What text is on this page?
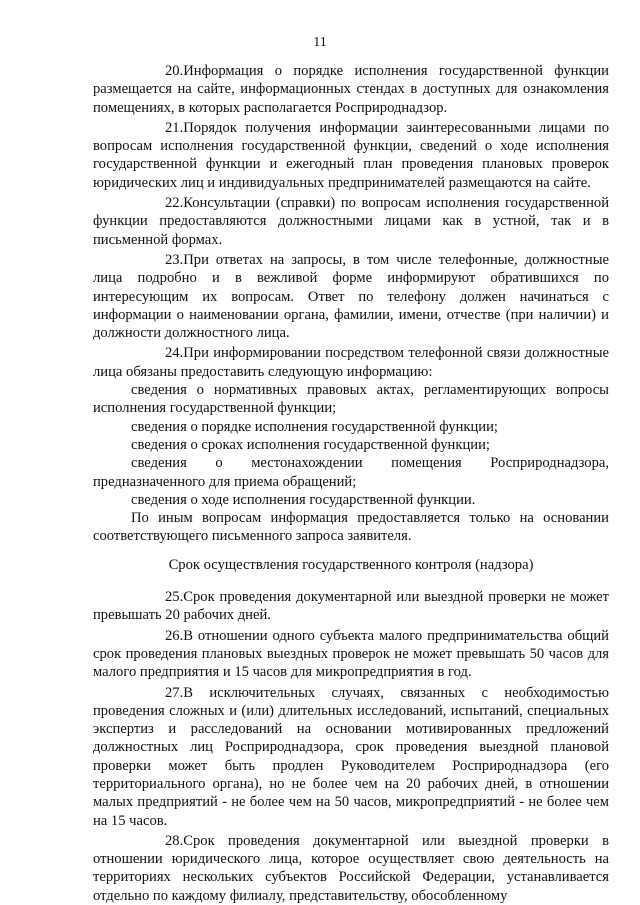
11

20.Информация о порядке исполнения государственной функции размещается на сайте, информационных стендах в доступных для ознакомления помещениях, в которых располагается Росприроднадзор.

21.Порядок получения информации заинтересованными лицами по вопросам исполнения государственной функции, сведений о ходе исполнения государственной функции и ежегодный план проведения плановых проверок юридических лиц и индивидуальных предпринимателей размещаются на сайте.

22.Консультации (справки) по вопросам исполнения государственной функции предоставляются должностными лицами как в устной, так и в письменной формах.

23.При ответах на запросы, в том числе телефонные, должностные лица подробно и в вежливой форме информируют обратившихся по интересующим их вопросам. Ответ по телефону должен начинаться с информации о наименовании органа, фамилии, имени, отчестве (при наличии) и должности должностного лица.

24.При информировании посредством телефонной связи должностные лица обязаны предоставить следующую информацию:

сведения о нормативных правовых актах, регламентирующих вопросы исполнения государственной функции;

сведения о порядке исполнения государственной функции;

сведения о сроках исполнения государственной функции;

сведения о местонахождении помещения Росприроднадзора, предназначенного для приема обращений;

сведения о ходе исполнения государственной функции.

По иным вопросам информация предоставляется только на основании соответствующего письменного запроса заявителя.

Срок осуществления государственного контроля (надзора)

25.Срок проведения документарной или выездной проверки не может превышать 20 рабочих дней.

26.В отношении одного субъекта малого предпринимательства общий срок проведения плановых выездных проверок не может превышать 50 часов для малого предприятия и 15 часов для микропредприятия в год.

27.В исключительных случаях, связанных с необходимостью проведения сложных и (или) длительных исследований, испытаний, специальных экспертиз и расследований на основании мотивированных предложений должностных лиц Росприроднадзора, срок проведения выездной плановой проверки может быть продлен Руководителем Росприроднадзора (его территориального органа), но не более чем на 20 рабочих дней, в отношении малых предприятий - не более чем на 50 часов, микропредприятий - не более чем на 15 часов.

28.Срок проведения документарной или выездной проверки в отношении юридического лица, которое осуществляет свою деятельность на территориях нескольких субъектов Российской Федерации, устанавливается отдельно по каждому филиалу, представительству, обособленному
